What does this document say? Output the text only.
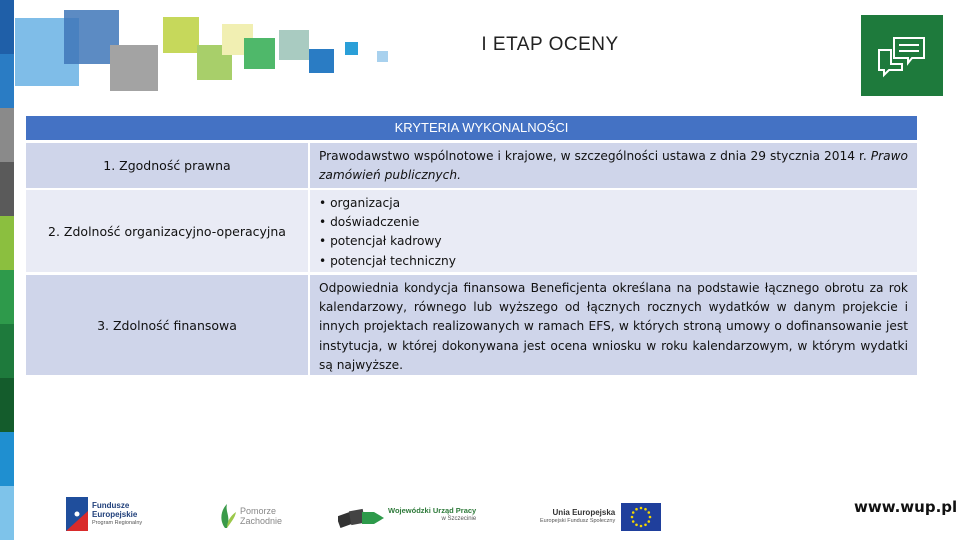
I ETAP OCENY
KRYTERIA WYKONALNOŚCI
1. Zgodność prawna
Prawodawstwo wspólnotowe i krajowe, w szczególności ustawa z dnia 29 stycznia 2014 r. Prawo zamówień publicznych.
2. Zdolność organizacyjno-operacyjna
• organizacja
• doświadczenie
• potencjał kadrowy
• potencjał techniczny
3. Zdolność finansowa
Odpowiednia kondycja finansowa Beneficjenta określana na podstawie łącznego obrotu za rok kalendarzowy, równego lub wyższego od łącznych rocznych wydatków w danym projekcie i innych projektach realizowanych w ramach EFS, w których stroną umowy o dofinansowanie jest instytucja, w której dokonywana jest ocena wniosku w roku kalendarzowym, w którym wydatki są najwyższe.
Fundusze
Europejskie
Program Regionalny
Pomorze
Zachodnie
Wojewódzki Urząd Pracy
w Szczecinie
Unia Europejska
Europejski Fundusz Społeczny
www.wup.pl
